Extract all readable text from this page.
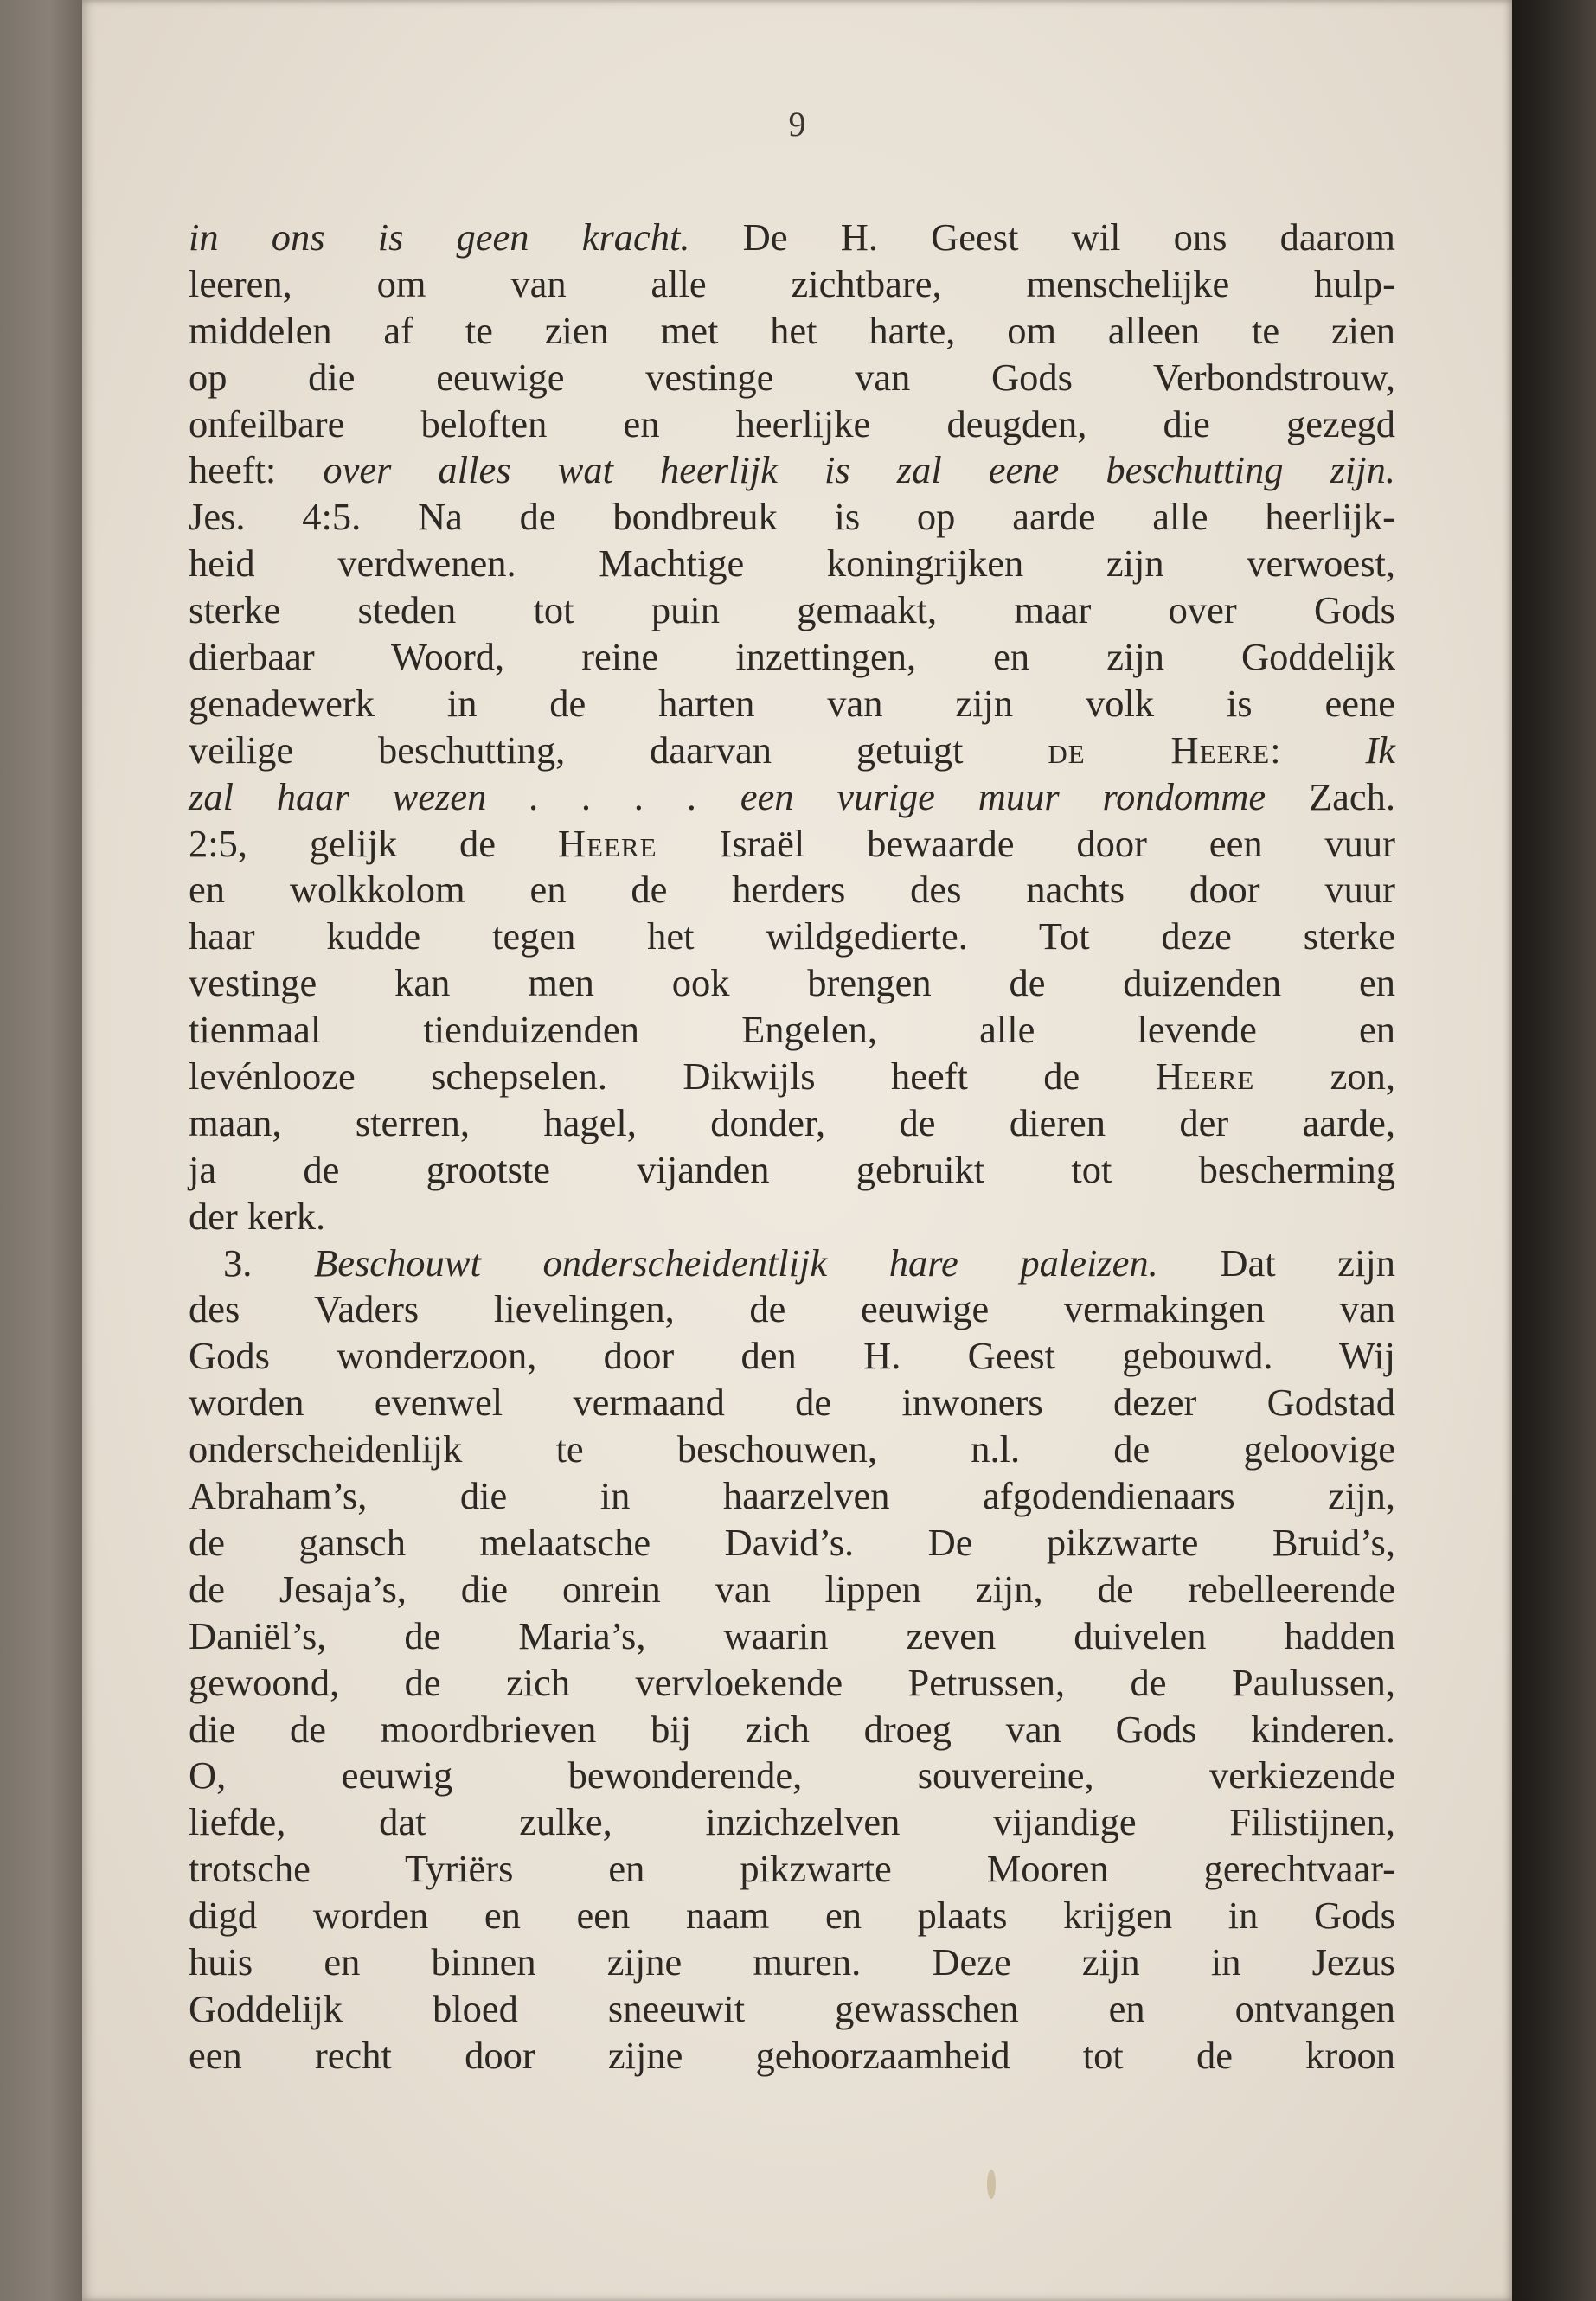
9
in ons is geen kracht. De H. Geest wil ons daarom
leeren, om van alle zichtbare, menschelijke hulp-
middelen af te zien met het harte, om alleen te zien
op die eeuwige vestinge van Gods Verbondstrouw,
onfeilbare beloften en heerlijke deugden, die gezegd
heeft: over alles wat heerlijk is zal eene beschutting zijn.
Jes. 4:5. Na de bondbreuk is op aarde alle heerlijk-
heid verdwenen. Machtige koningrijken zijn verwoest,
sterke steden tot puin gemaakt, maar over Gods
dierbaar Woord, reine inzettingen, en zijn Goddelijk
genadewerk in de harten van zijn volk is eene
veilige beschutting, daarvan getuigt de Heere: Ik
zal haar wezen . . . . een vurige muur rondomme Zach.
2:5, gelijk de Heere Israël bewaarde door een vuur
en wolkkolom en de herders des nachts door vuur
haar kudde tegen het wildgedierte. Tot deze sterke
vestinge kan men ook brengen de duizenden en
tienmaal tienduizenden Engelen, alle levende en
levénlooze schepselen. Dikwijls heeft de Heere zon,
maan, sterren, hagel, donder, de dieren der aarde,
ja de grootste vijanden gebruikt tot bescherming
der kerk.
3. Beschouwt onderscheidentlijk hare paleizen. Dat zijn
des Vaders lievelingen, de eeuwige vermakingen van
Gods wonderzoon, door den H. Geest gebouwd. Wij
worden evenwel vermaand de inwoners dezer Godstad
onderscheidenlijk te beschouwen, n.l. de geloovige
Abraham’s, die in haarzelven afgodendienaars zijn,
de gansch melaatsche David’s. De pikzwarte Bruid’s,
de Jesaja’s, die onrein van lippen zijn, de rebelleerende
Daniël’s, de Maria’s, waarin zeven duivelen hadden
gewoond, de zich vervloekende Petrussen, de Paulussen,
die de moordbrieven bij zich droeg van Gods kinderen.
O, eeuwig bewonderende, souvereine, verkiezende
liefde, dat zulke, inzichzelven vijandige Filistijnen,
trotsche Tyriërs en pikzwarte Mooren gerechtvaar-
digd worden en een naam en plaats krijgen in Gods
huis en binnen zijne muren. Deze zijn in Jezus
Goddelijk bloed sneeuwit gewasschen en ontvangen
een recht door zijne gehoorzaamheid tot de kroon
